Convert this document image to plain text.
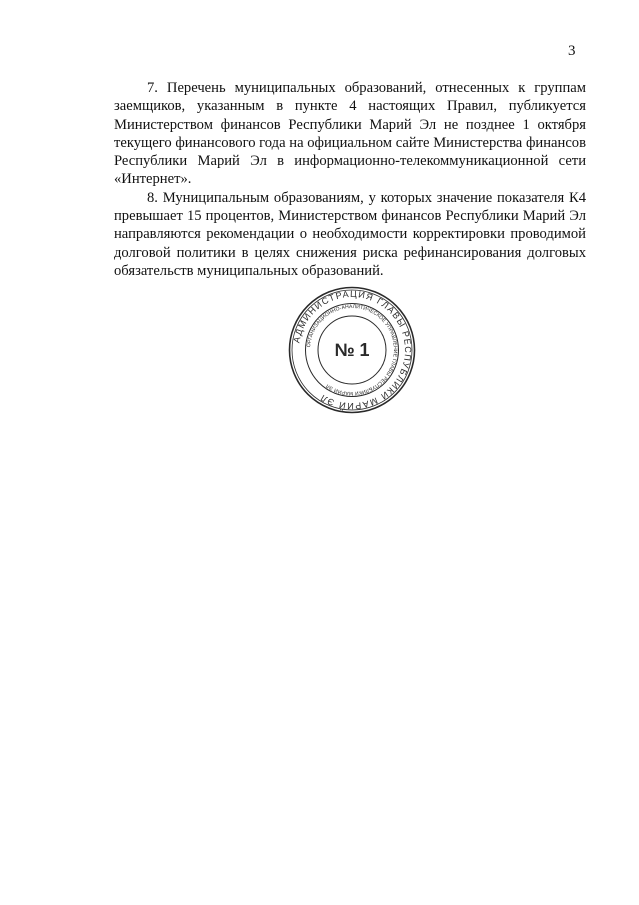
3

7. Перечень муниципальных образований, отнесенных к группам заемщиков, указанным в пункте 4 настоящих Правил, публикуется Министерством финансов Республики Марий Эл не позднее 1 октября текущего финансового года на официальном сайте Министерства финансов Республики Марий Эл в информационно-телекоммуникационной сети «Интернет».

8. Муниципальным образованиям, у которых значение показателя К4 превышает 15 процентов, Министерством финансов Республики Марий Эл направляются рекомендации о необходимости корректировки проводимой долговой политики в целях снижения риска рефинансирования долговых обязательств муниципальных образований.

АДМИНИСТРАЦИЯ ГЛАВЫ РЕСПУБЛИКИ МАРИЙ ЭЛ
ОРГАНИЗАЦИОННО-АНАЛИТИЧЕСКОЕ УПРАВЛЕНИЕ ГЛАВЫ РЕСПУБЛИКИ МАРИЙ ЭЛ
№ 1
